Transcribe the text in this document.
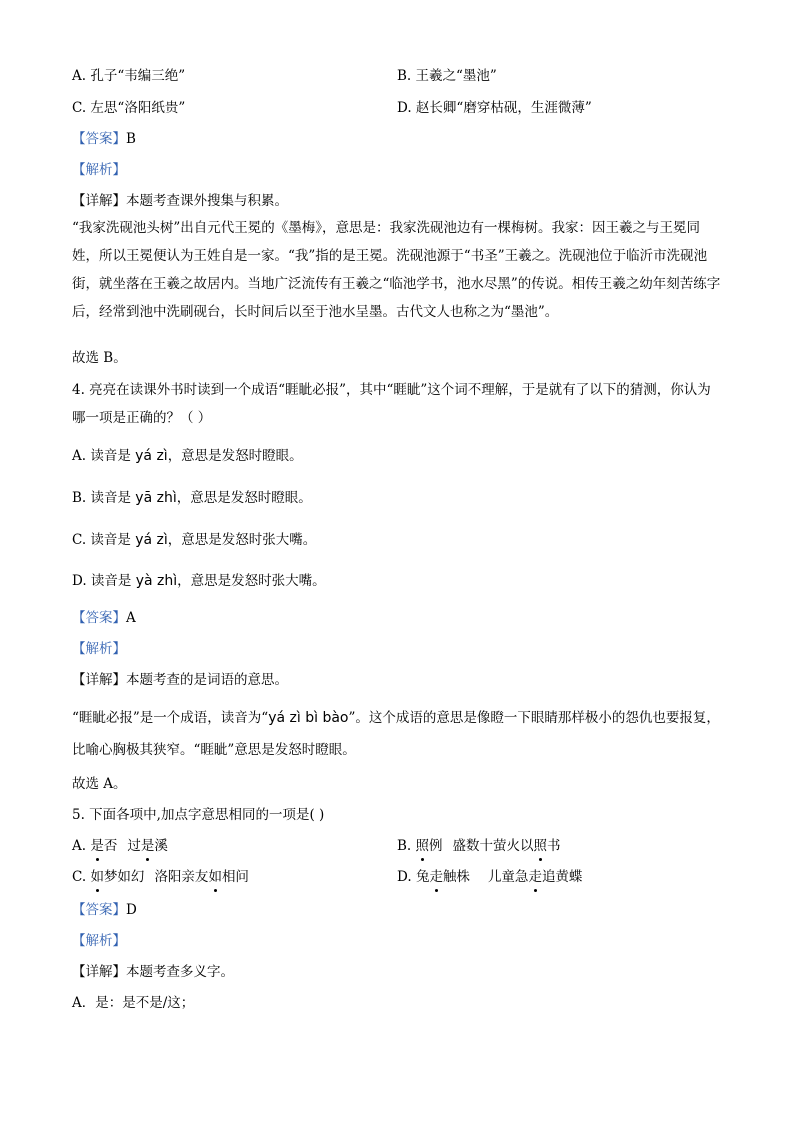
A. 孔子“韦编三绝”	B. 王羲之“墨池”
C. 左思“洛阳纸贵”	D. 赵长卿“磨穿枯砚，生涯微薄”
【答案】B
【解析】
【详解】本题考查课外搜集与积累。
“我家洗砚池头树”出自元代王冕的《墨梅》，意思是：我家洗砚池边有一棵梅树。我家：因王羲之与王冕同姓，所以王冕便认为王姓自是一家。“我”指的是王冕。洗砚池源于“书圣”王羲之。洗砚池位于临沂市洗砚池街，就坐落在王羲之故居内。当地广泛流传有王羲之“临池学书，池水尽黑”的传说。相传王羲之幼年刻苦练字后，经常到池中洗刷砚台，长时间后以至于池水呈墨。古代文人也称之为“墨池”。
故选 B。
4. 亮亮在读课外书时读到一个成语“睚眦必报”，其中“睚眦”这个词不理解，于是就有了以下的猜测，你认为哪一项是正确的？（ ）
A. 读音是 yá zì，意思是发怒时瞪眼。
B. 读音是 yā zhì，意思是发怒时瞪眼。
C. 读音是 yá zì，意思是发怒时张大嘴。
D. 读音是 yà zhì，意思是发怒时张大嘴。
【答案】A
【解析】
【详解】本题考查的是词语的意思。
“睚眦必报”是一个成语，读音为“yá zì bì bào”。这个成语的意思是像瞪一下眼睛那样极小的怨仇也要报复，比喻心胸极其狭窄。“睚眦”意思是发怒时瞪眼。
故选 A。
5. 下面各项中,加点字意思相同的一项是( )
A. 是否 过是溪	B. 照例 盛数十萤火以照书
C. 如梦如幻 洛阳亲友如相问	D. 兔走触株 儿童急走追黄蝶
【答案】D
【解析】
【详解】本题考查多义字。
A．是：是不是/这；
